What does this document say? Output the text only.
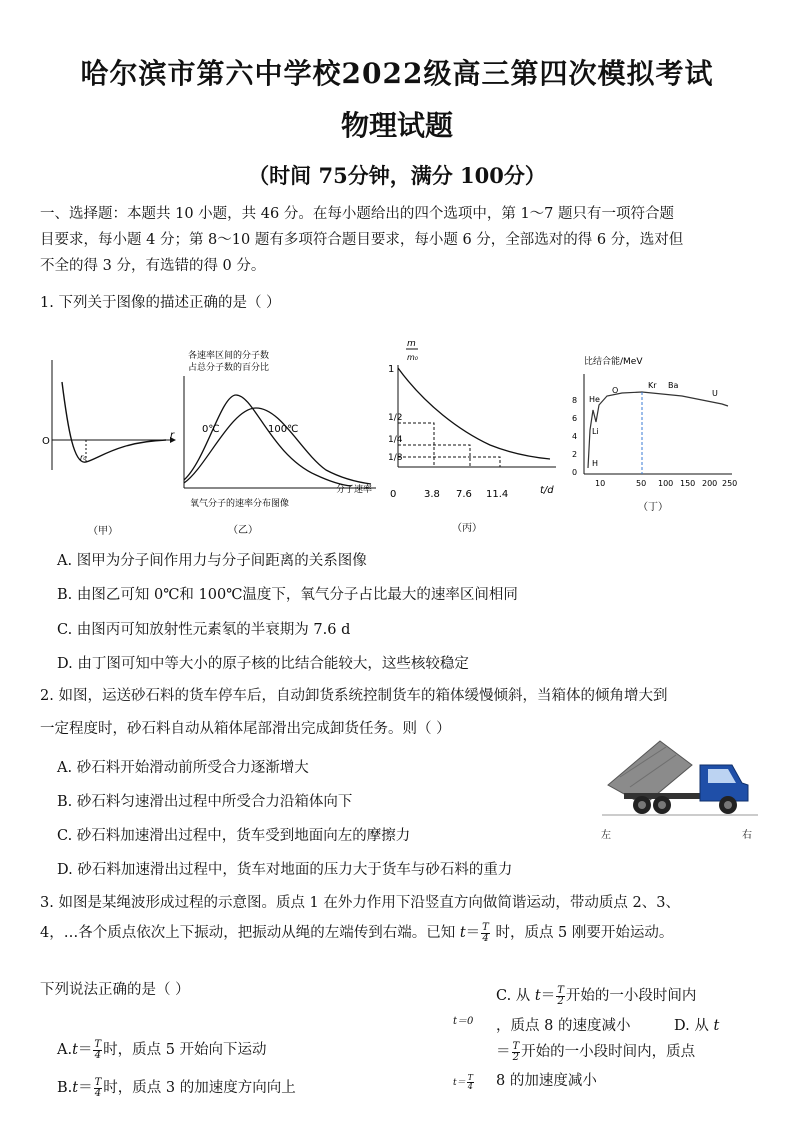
哈尔滨市第六中学校2022级高三第四次模拟考试
物理试题
（时间 75分钟，满分 100分）
一、选择题：本题共 10 小题，共 46 分。在每小题给出的四个选项中，第 1～7 题只有一项符合题
目要求，每小题 4 分；第 8～10 题有多项符合题目要求，每小题 6 分，全部选对的得 6 分，选对但
不全的得 3 分，有选错的得 0 分。
1. 下列关于图像的描述正确的是（ ）
O
r
r₀
（甲）
各速率区间的分子数
占总分子数的百分比
0℃	100℃
分子速率
氧气分子的速率分布图像
（乙）
m
m₀
1
1/2
1/4
1/8
0	3.8 7.6 11.4	t/d
（丙）
比结合能/MeV
8
6
4
2
0
He
O
Kr Ba
U
Li
H
10	50 100 150 200 250
（丁）
A. 图甲为分子间作用力与分子间距离的关系图像
B. 由图乙可知 0℃和 100℃温度下，氧气分子占比最大的速率区间相同
C. 由图丙可知放射性元素氡的半衰期为 7.6 d
D. 由丁图可知中等大小的原子核的比结合能较大，这些核较稳定
2. 如图，运送砂石料的货车停车后，自动卸货系统控制货车的箱体缓慢倾斜，当箱体的倾角增大到
一定程度时，砂石料自动从箱体尾部滑出完成卸货任务。则（ ）
A. 砂石料开始滑动前所受合力逐渐增大
B. 砂石料匀速滑出过程中所受合力沿箱体向下
C. 砂石料加速滑出过程中，货车受到地面向左的摩擦力
D. 砂石料加速滑出过程中，货车对地面的压力大于货车与砂石料的重力
左	右
3. 如图是某绳波形成过程的示意图。质点 1 在外力作用下沿竖直方向做简谐运动，带动质点 2、3、
4，…各个质点依次上下振动，把振动从绳的左端传到右端。已知 $t= \frac{T}{4}$ 时，质点 5 刚要开始运动。
下列说法正确的是（ ）
$A.t= \frac{T}{4}$ 时，质点 5 开始向下运动
$B.t= \frac{T}{4}$ 时，质点 3 的加速度方向向上
t＝0
$t= \frac{T}{4}$
C. 从 $t= \frac{T}{2}$ 开始的一小段时间内
，质点 8 的速度减小	D. 从 t
＝ $\frac{T}{2}$ 开始的一小段时间内，质点
8 的加速度减小
